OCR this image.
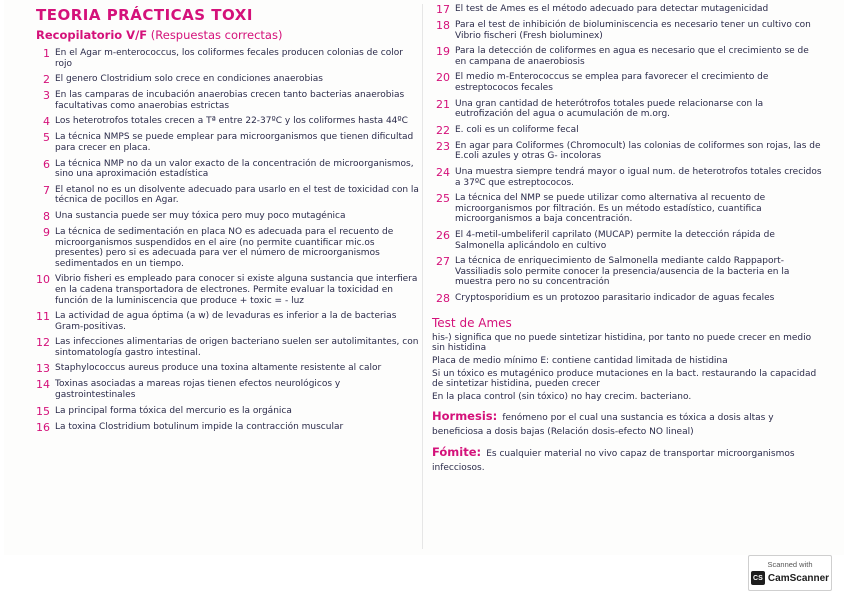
TEORIA PRÁCTICAS TOXI
Recopilatorio V/F (Respuestas correctas)
1 En el Agar m-enterococcus, los coliformes fecales producen colonias de color rojo
2 El genero Clostridium solo crece en condiciones anaerobias
3 En las camparas de incubación anaerobias crecen tanto bacterias anaerobias facultativas como anaerobias estrictas
4 Los heterotrofos totales crecen a Tª entre 22-37ºC y los coliformes hasta 44ºC
5 La técnica NMPS se puede emplear para microorganismos que tienen dificultad para crecer en placa.
6 La técnica NMP no da un valor exacto de la concentración de microorganismos, sino una aproximación estadística
7 El etanol no es un disolvente adecuado para usarlo en el test de toxicidad con la técnica de pocillos en Agar.
8 Una sustancia puede ser muy tóxica pero muy poco mutagénica
9 La técnica de sedimentación en placa NO es adecuada para el recuento de microorganismos suspendidos en el aire (no permite cuantificar mic.os presentes) pero si es adecuada para ver el número de microorganismos sedimentados en un tiempo.
10 Vibrio fisheri es empleado para conocer si existe alguna sustancia que interfiera en la cadena transportadora de electrones. Permite evaluar la toxicidad en función de la luminiscencia que produce + toxic = - luz
11 La actividad de agua óptima (a w) de levaduras es inferior a la de bacterias Gram-positivas.
12 Las infecciones alimentarias de origen bacteriano suelen ser autolimitantes, con sintomatología gastro intestinal.
13 Staphylococcus aureus produce una toxina altamente resistente al calor
14 Toxinas asociadas a mareas rojas tienen efectos neurológicos y gastrointestinales
15 La principal forma tóxica del mercurio es la orgánica
16 La toxina Clostridium botulinum impide la contracción muscular
17 El test de Ames es el método adecuado para detectar mutagenicidad
18 Para el test de inhibición de bioluminiscencia es necesario tener un cultivo con Vibrio fischeri (Fresh bioluminex)
19 Para la detección de coliformes en agua es necesario que el crecimiento se de en campana de anaerobiosis
20 El medio m-Enterococcus se emplea para favorecer el crecimiento de estreptococos fecales
21 Una gran cantidad de heterótrofos totales puede relacionarse con la eutrofización del agua o acumulación de m.org.
22 E. coli es un coliforme fecal
23 En agar para Coliformes (Chromocult) las colonias de coliformes son rojas, las de E.coli azules y otras G- incoloras
24 Una muestra siempre tendrá mayor o igual num. de heterotrofos totales crecidos a 37ºC que estreptococos.
25 La técnica del NMP se puede utilizar como alternativa al recuento de microorganismos por filtración. Es un método estadístico, cuantifica microorganismos a baja concentración.
26 El 4-metil-umbeliferil caprilato (MUCAP) permite la detección rápida de Salmonella aplicándolo en cultivo
27 La técnica de enriquecimiento de Salmonella mediante caldo Rappaport-Vassiliadis solo permite conocer la presencia/ausencia de la bacteria en la muestra pero no su concentración
28 Cryptosporidium es un protozoo parasitario indicador de aguas fecales
Test de Ames
his-) significa que no puede sintetizar histidina, por tanto no puede crecer en medio sin histidina
Placa de medio mínimo E: contiene cantidad limitada de histidina
Si un tóxico es mutagénico produce mutaciones en la bact. restaurando la capacidad de sintetizar histidina, pueden crecer
En la placa control (sin tóxico) no hay crecim. bacteriano.
Hormesis: fenómeno por el cual una sustancia es tóxica a dosis altas y beneficiosa a dosis bajas (Relación dosis-efecto NO lineal)
Fómite: Es cualquier material no vivo capaz de transportar microorganismos infecciosos.
Scanned with
CS CamScanner
